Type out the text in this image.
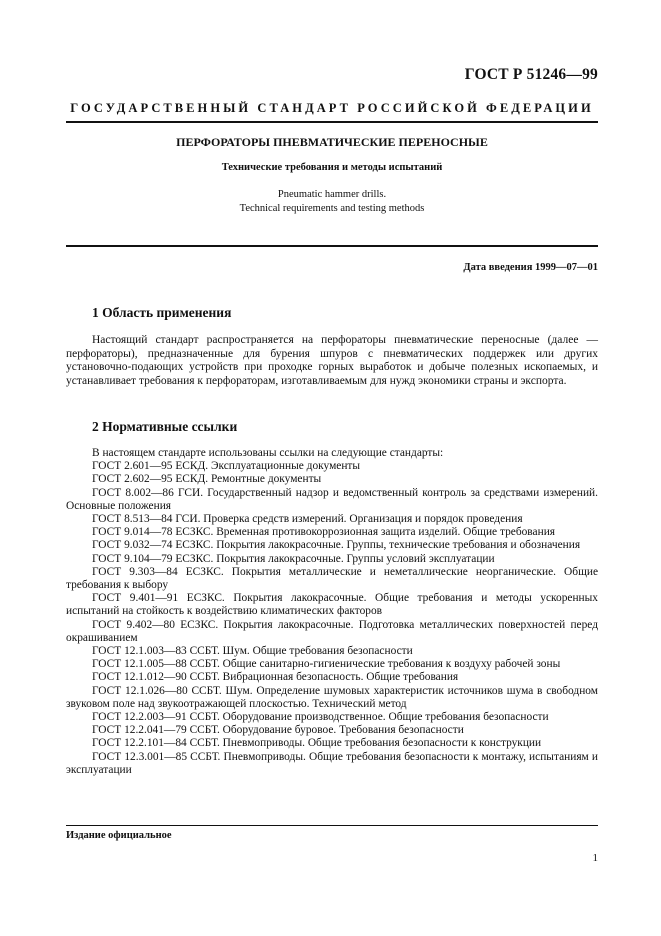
ГОСТ Р 51246—99
ГОСУДАРСТВЕННЫЙ СТАНДАРТ РОССИЙСКОЙ ФЕДЕРАЦИИ
ПЕРФОРАТОРЫ ПНЕВМАТИЧЕСКИЕ ПЕРЕНОСНЫЕ
Технические требования и методы испытаний
Pneumatic hammer drills.
Technical requirements and testing methods
Дата введения 1999—07—01
1 Область применения
Настоящий стандарт распространяется на перфораторы пневматические переносные (далее — перфораторы), предназначенные для бурения шпуров с пневматических поддержек или других установочно-подающих устройств при проходке горных выработок и добыче полезных ископаемых, и устанавливает требования к перфораторам, изготавливаемым для нужд экономики страны и экспорта.
2 Нормативные ссылки
В настоящем стандарте использованы ссылки на следующие стандарты:
ГОСТ 2.601—95 ЕСКД. Эксплуатационные документы
ГОСТ 2.602—95 ЕСКД. Ремонтные документы
ГОСТ 8.002—86 ГСИ. Государственный надзор и ведомственный контроль за средствами измерений. Основные положения
ГОСТ 8.513—84 ГСИ. Проверка средств измерений. Организация и порядок проведения
ГОСТ 9.014—78 ЕСЗКС. Временная противокоррозионная защита изделий. Общие требования
ГОСТ 9.032—74 ЕСЗКС. Покрытия лакокрасочные. Группы, технические требования и обозначения
ГОСТ 9.104—79 ЕСЗКС. Покрытия лакокрасочные. Группы условий эксплуатации
ГОСТ 9.303—84 ЕСЗКС. Покрытия металлические и неметаллические неорганические. Общие требования к выбору
ГОСТ 9.401—91 ЕСЗКС. Покрытия лакокрасочные. Общие требования и методы ускоренных испытаний на стойкость к воздействию климатических факторов
ГОСТ 9.402—80 ЕСЗКС. Покрытия лакокрасочные. Подготовка металлических поверхностей перед окрашиванием
ГОСТ 12.1.003—83 ССБТ. Шум. Общие требования безопасности
ГОСТ 12.1.005—88 ССБТ. Общие санитарно-гигиенические требования к воздуху рабочей зоны
ГОСТ 12.1.012—90 ССБТ. Вибрационная безопасность. Общие требования
ГОСТ 12.1.026—80 ССБТ. Шум. Определение шумовых характеристик источников шума в свободном звуковом поле над звукоотражающей плоскостью. Технический метод
ГОСТ 12.2.003—91 ССБТ. Оборудование производственное. Общие требования безопасности
ГОСТ 12.2.041—79 ССБТ. Оборудование буровое. Требования безопасности
ГОСТ 12.2.101—84 ССБТ. Пневмоприводы. Общие требования безопасности к конструкции
ГОСТ 12.3.001—85 ССБТ. Пневмоприводы. Общие требования безопасности к монтажу, испытаниям и эксплуатации
Издание официальное
1
